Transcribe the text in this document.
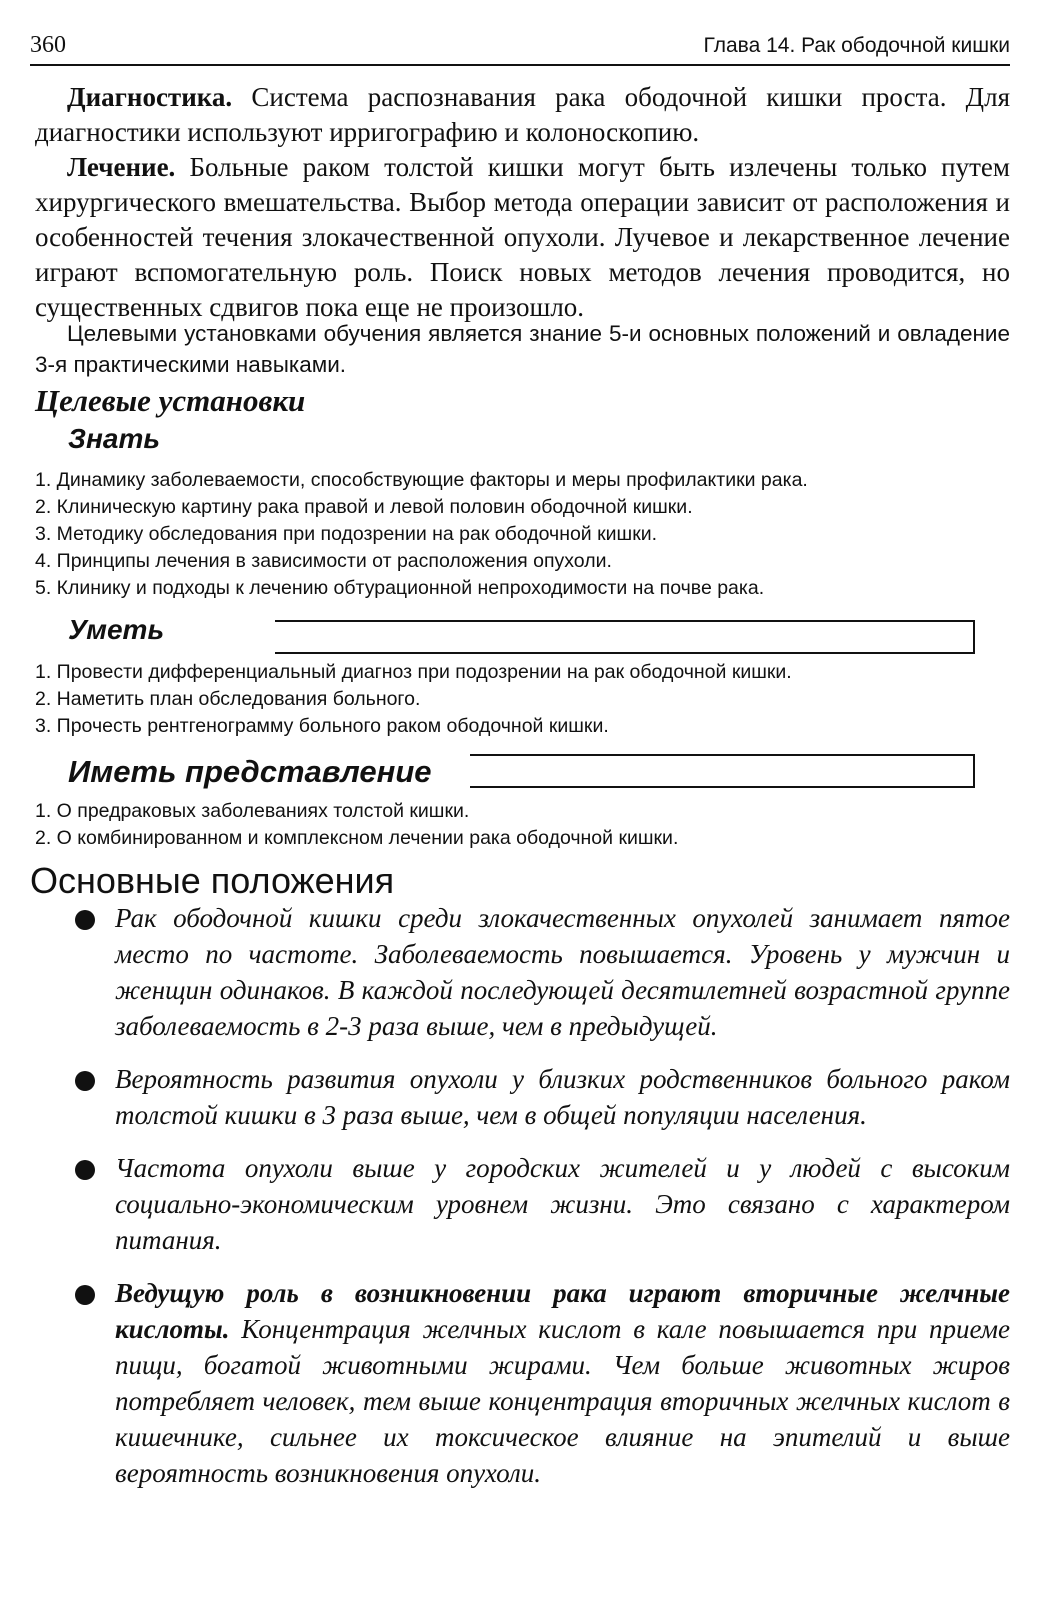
360	Глава 14. Рак ободочной кишки

Диагностика. Система распознавания рака ободочной кишки проста. Для диагностики используют ирригографию и колоноскопию.

Лечение. Больные раком толстой кишки могут быть излечены только путем хирургического вмешательства. Выбор метода операции зависит от расположения и особенностей течения злокачественной опухоли. Лучевое и лекарственное лечение играют вспомогательную роль. Поиск новых методов лечения проводится, но существенных сдвигов пока еще не произошло.

Целевыми установками обучения является знание 5-и основных положений и овладение 3-я практическими навыками.

Целевые установки
Знать
1. Динамику заболеваемости, способствующие факторы и меры профилактики рака.
2. Клиническую картину рака правой и левой половин ободочной кишки.
3. Методику обследования при подозрении на рак ободочной кишки.
4. Принципы лечения в зависимости от расположения опухоли.
5. Клинику и подходы к лечению обтурационной непроходимости на почве рака.
Уметь
1. Провести дифференциальный диагноз при подозрении на рак ободочной кишки.
2. Наметить план обследования больного.
3. Прочесть рентгенограмму больного раком ободочной кишки.
Иметь представление
1. О предраковых заболеваниях толстой кишки.
2. О комбинированном и комплексном лечении рака ободочной кишки.
Основные положения
Рак ободочной кишки среди злокачественных опухолей занимает пятое место по частоте. Заболеваемость повышается. Уровень у мужчин и женщин одинаков. В каждой последующей десятилетней возрастной группе заболеваемость в 2-3 раза выше, чем в предыдущей.
Вероятность развития опухоли у близких родственников больного раком толстой кишки в 3 раза выше, чем в общей популяции населения.
Частота опухоли выше у городских жителей и у людей с высоким социально-экономическим уровнем жизни. Это связано с характером питания.
Ведущую роль в возникновении рака играют вторичные желчные кислоты. Концентрация желчных кислот в кале повышается при приеме пищи, богатой животными жирами. Чем больше животных жиров потребляет человек, тем выше концентрация вторичных желчных кислот в кишечнике, сильнее их токсическое влияние на эпителий и выше вероятность возникновения опухоли.
